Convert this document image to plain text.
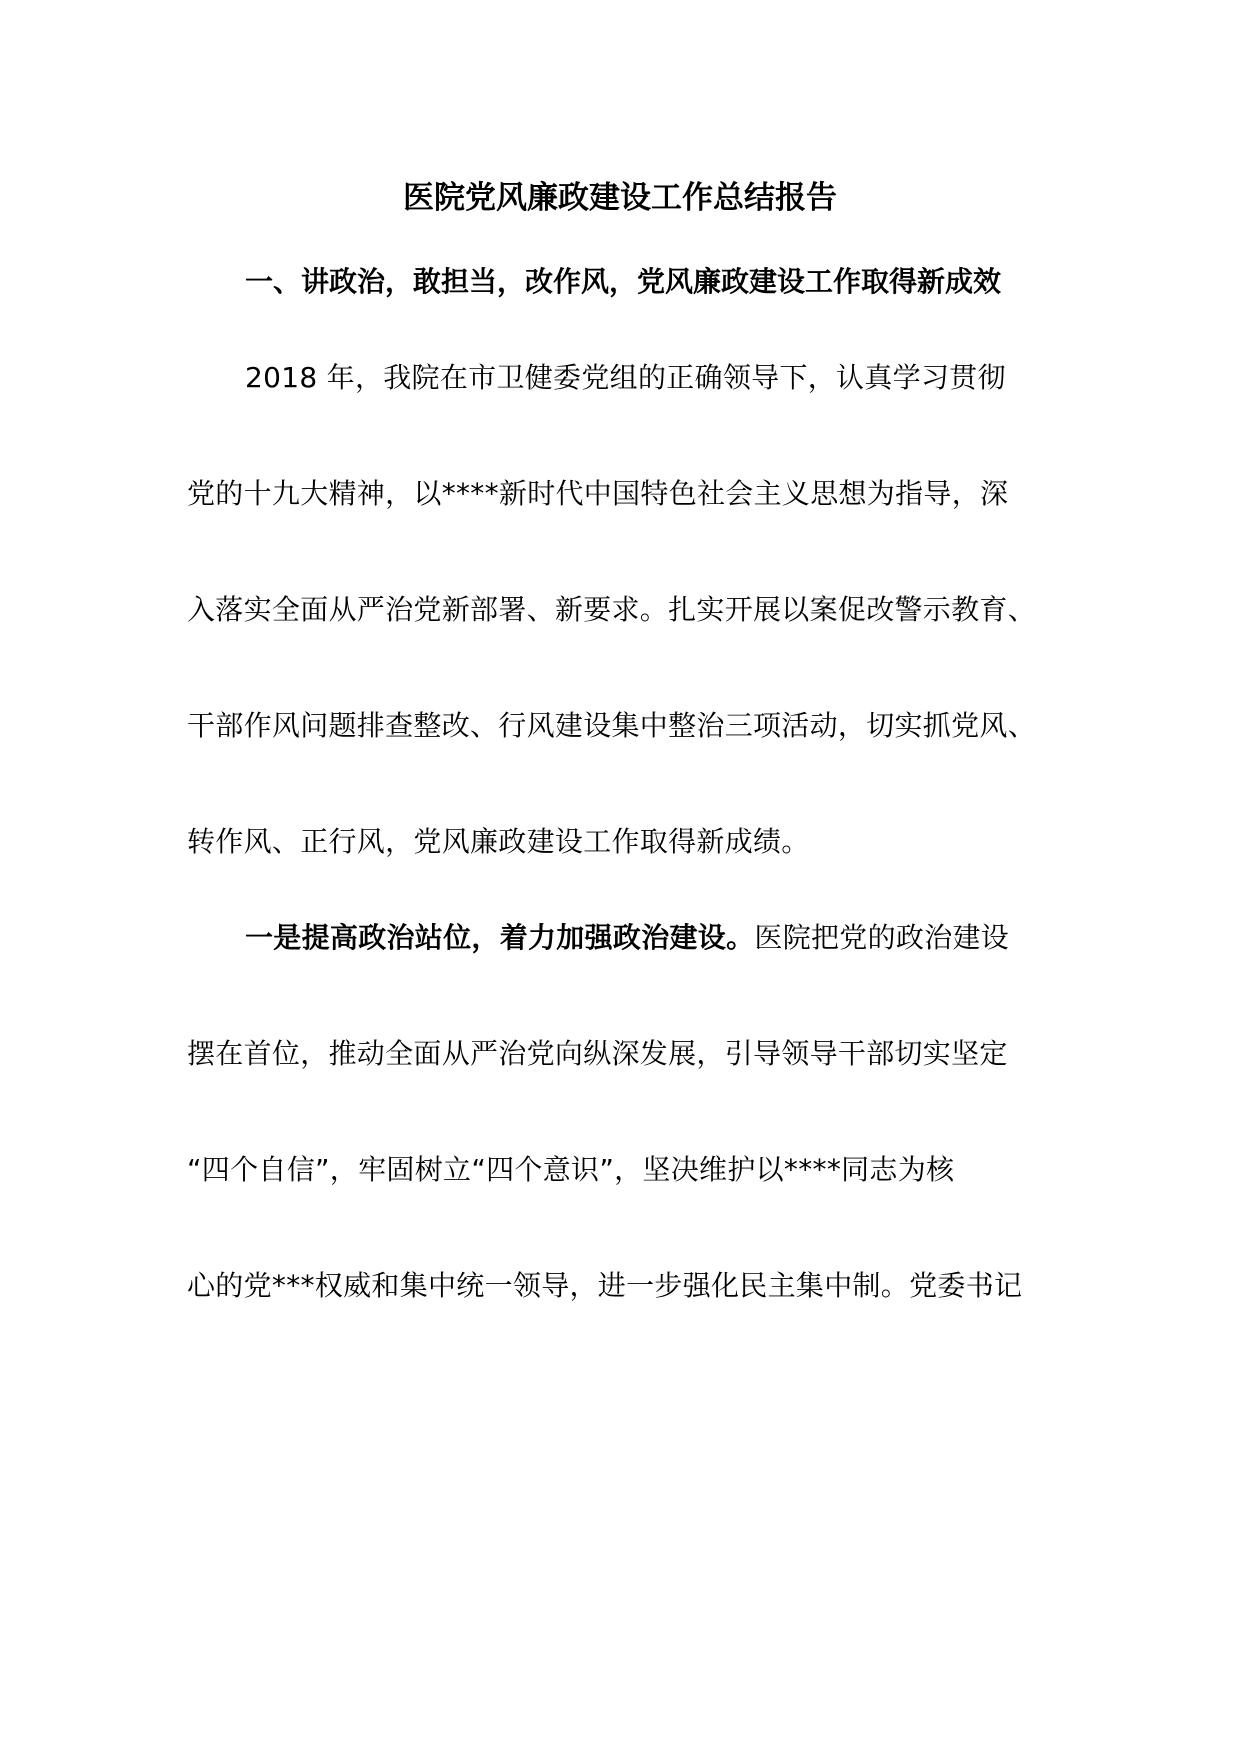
医院党风廉政建设工作总结报告
一、讲政治，敢担当，改作风，党风廉政建设工作取得新成效
2018 年，我院在市卫健委党组的正确领导下，认真学习贯彻
党的十九大精神，以****新时代中国特色社会主义思想为指导，深
入落实全面从严治党新部署、新要求。扎实开展以案促改警示教育、
干部作风问题排查整改、行风建设集中整治三项活动，切实抓党风、
转作风、正行风，党风廉政建设工作取得新成绩。
一是提高政治站位，着力加强政治建设。医院把党的政治建设
摆在首位，推动全面从严治党向纵深发展，引导领导干部切实坚定
“四个自信”，牢固树立“四个意识”，坚决维护以****同志为核
心的党***权威和集中统一领导，进一步强化民主集中制。党委书记
